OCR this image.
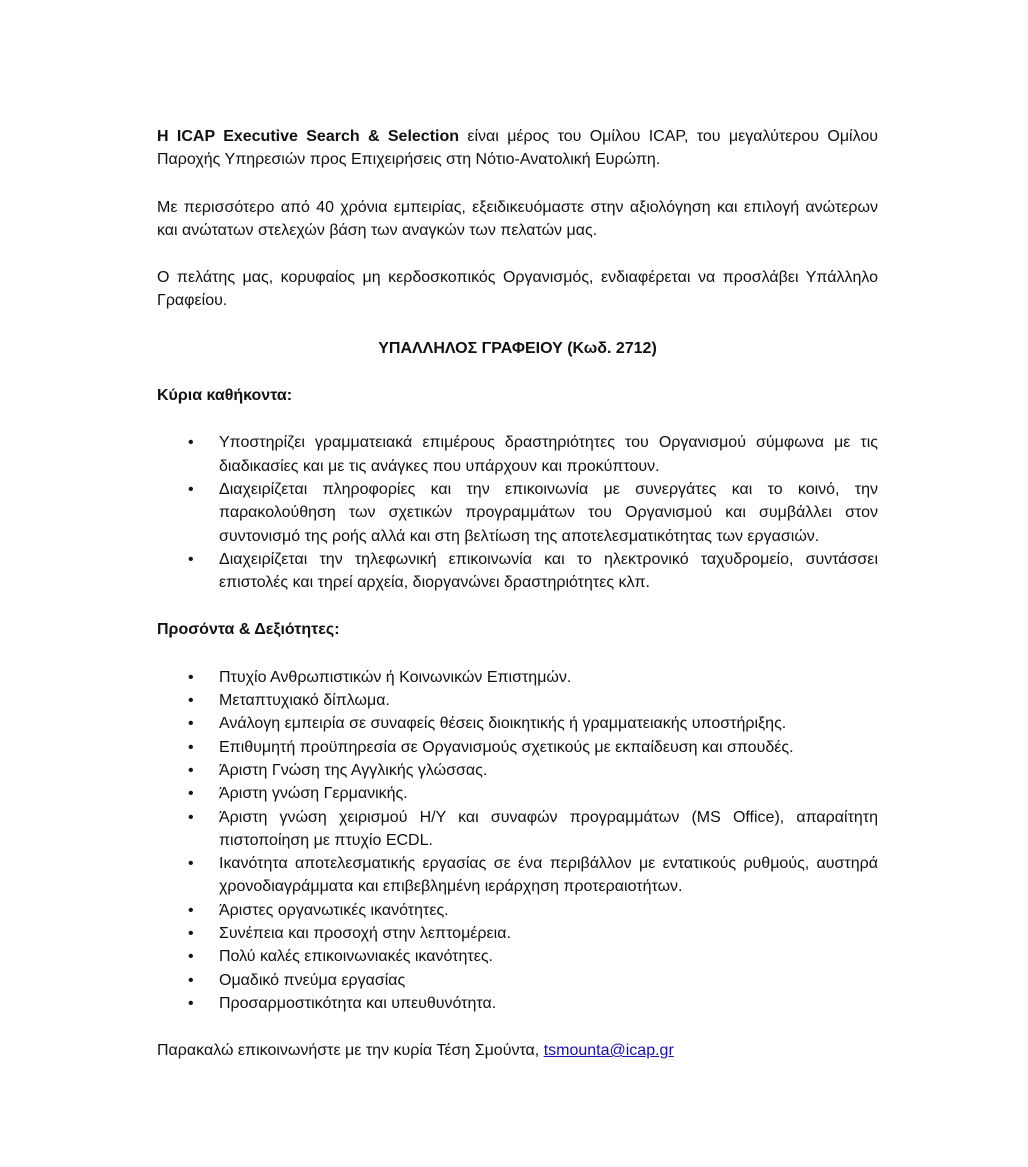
Η ICAP Executive Search & Selection είναι μέρος του Ομίλου ICAP, του μεγαλύτερου Ομίλου Παροχής Υπηρεσιών προς Επιχειρήσεις στη Νότιο-Ανατολική Ευρώπη.

Με περισσότερο από 40 χρόνια εμπειρίας, εξειδικευόμαστε στην αξιολόγηση και επιλογή ανώτερων και ανώτατων στελεχών βάση των αναγκών των πελατών μας.

Ο πελάτης μας, κορυφαίος μη κερδοσκοπικός Οργανισμός, ενδιαφέρεται να προσλάβει Υπάλληλο Γραφείου.

ΥΠΑΛΛΗΛΟΣ ΓΡΑΦΕΙΟΥ (Κωδ. 2712)

Κύρια καθήκοντα:

•
Υποστηρίζει γραμματειακά επιμέρους δραστηριότητες του Οργανισμού σύμφωνα με τις διαδικασίες και με τις ανάγκες που υπάρχουν και προκύπτουν.
•
Διαχειρίζεται πληροφορίες και την επικοινωνία με συνεργάτες και το κοινό, την παρακολούθηση των σχετικών προγραμμάτων του Οργανισμού και συμβάλλει στον συντονισμό της ροής αλλά και στη βελτίωση της αποτελεσματικότητας των εργασιών.
•
Διαχειρίζεται την τηλεφωνική επικοινωνία και το ηλεκτρονικό ταχυδρομείο, συντάσσει επιστολές και τηρεί αρχεία, διοργανώνει δραστηριότητες κλπ.

Προσόντα & Δεξιότητες:

•
Πτυχίο Ανθρωπιστικών ή Κοινωνικών Επιστημών.
•
Μεταπτυχιακό δίπλωμα.
•
Ανάλογη εμπειρία σε συναφείς θέσεις διοικητικής ή γραμματειακής υποστήριξης.
•
Επιθυμητή προϋπηρεσία σε Οργανισμούς σχετικούς με εκπαίδευση και σπουδές.
•
Άριστη Γνώση της Αγγλικής γλώσσας.
•
Άριστη γνώση Γερμανικής.
•
Άριστη γνώση χειρισμού Η/Υ και συναφών προγραμμάτων (MS Office), απαραίτητη πιστοποίηση με πτυχίο ECDL.
•
Ικανότητα αποτελεσματικής εργασίας σε ένα περιβάλλον με εντατικούς ρυθμούς, αυστηρά χρονοδιαγράμματα και επιβεβλημένη ιεράρχηση προτεραιοτήτων.
•
Άριστες οργανωτικές ικανότητες.
•
Συνέπεια και προσοχή στην λεπτομέρεια.
•
Πολύ καλές επικοινωνιακές ικανότητες.
•
Ομαδικό πνεύμα εργασίας
•
Προσαρμοστικότητα και υπευθυνότητα.

Παρακαλώ επικοινωνήστε με την κυρία Τέση Σμούντα, tsmounta@icap.gr
